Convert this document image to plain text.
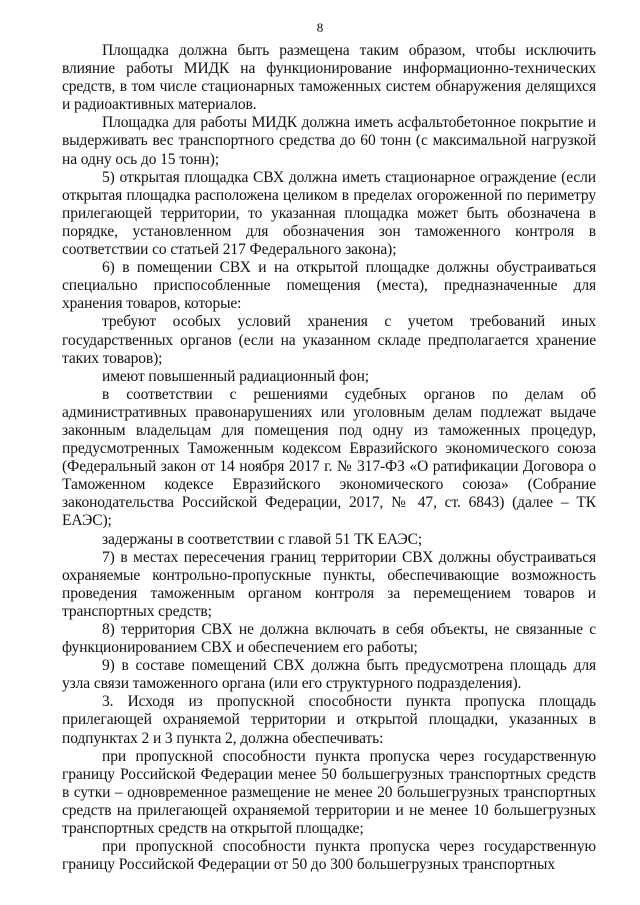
8

Площадка должна быть размещена таким образом, чтобы исключить влияние работы МИДК на функционирование информационно-технических средств, в том числе стационарных таможенных систем обнаружения делящихся и радиоактивных материалов.

Площадка для работы МИДК должна иметь асфальтобетонное покрытие и выдерживать вес транспортного средства до 60 тонн (с максимальной нагрузкой на одну ось до 15 тонн);

5) открытая площадка СВХ должна иметь стационарное ограждение (если открытая площадка расположена целиком в пределах огороженной по периметру прилегающей территории, то указанная площадка может быть обозначена в порядке, установленном для обозначения зон таможенного контроля в соответствии со статьей 217 Федерального закона);

6) в помещении СВХ и на открытой площадке должны обустраиваться специально приспособленные помещения (места), предназначенные для хранения товаров, которые:

требуют особых условий хранения с учетом требований иных государственных органов (если на указанном складе предполагается хранение таких товаров);

имеют повышенный радиационный фон;

в соответствии с решениями судебных органов по делам об административных правонарушениях или уголовным делам подлежат выдаче законным владельцам для помещения под одну из таможенных процедур, предусмотренных Таможенным кодексом Евразийского экономического союза (Федеральный закон от 14 ноября 2017 г. № 317-ФЗ «О ратификации Договора о Таможенном кодексе Евразийского экономического союза» (Собрание законодательства Российской Федерации, 2017, № 47, ст. 6843) (далее – ТК ЕАЭС);

задержаны в соответствии с главой 51 ТК ЕАЭС;

7) в местах пересечения границ территории СВХ должны обустраиваться охраняемые контрольно-пропускные пункты, обеспечивающие возможность проведения таможенным органом контроля за перемещением товаров и транспортных средств;

8) территория СВХ не должна включать в себя объекты, не связанные с функционированием СВХ и обеспечением его работы;

9) в составе помещений СВХ должна быть предусмотрена площадь для узла связи таможенного органа (или его структурного подразделения).

3. Исходя из пропускной способности пункта пропуска площадь прилегающей охраняемой территории и открытой площадки, указанных в подпунктах 2 и 3 пункта 2, должна обеспечивать:

при пропускной способности пункта пропуска через государственную границу Российской Федерации менее 50 большегрузных транспортных средств в сутки – одновременное размещение не менее 20 большегрузных транспортных средств на прилегающей охраняемой территории и не менее 10 большегрузных транспортных средств на открытой площадке;

при пропускной способности пункта пропуска через государственную границу Российской Федерации от 50 до 300 большегрузных транспортных
